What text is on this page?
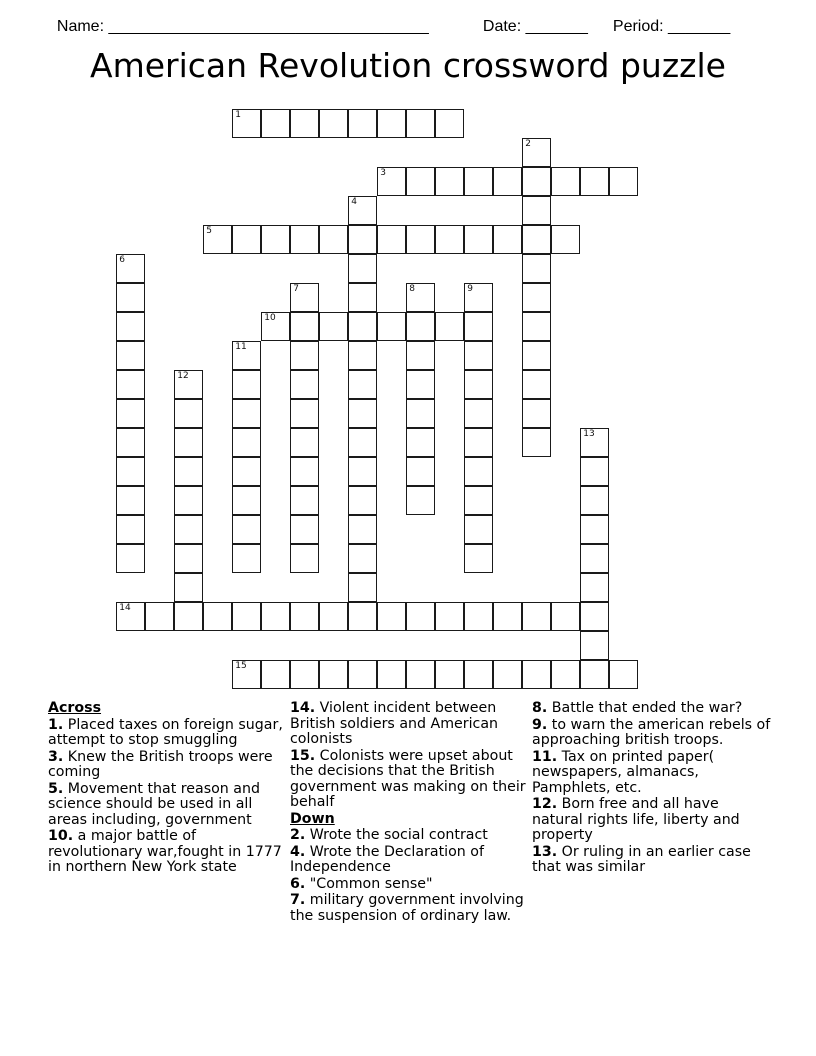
Name: ____________________________________	Date: _______	Period: _______

American Revolution crossword puzzle
1
2
3
4
5
6
7	8	9
10
11
12
13
14
15
Across
1. Placed taxes on foreign sugar, attempt to stop smuggling
3. Knew the British troops were coming
5. Movement that reason and science should be used in all areas including, government
10. a major battle of revolutionary war,fought in 1777 in northern New York state
14. Violent incident between British soldiers and American colonists
15. Colonists were upset about the decisions that the British government was making on their behalf
Down
2. Wrote the social contract
4. Wrote the Declaration of Independence
6. "Common sense"
7. military government involving the suspension of ordinary law.
8. Battle that ended the war?
9. to warn the american rebels of approaching british troops.
11. Tax on printed paper( newspapers, almanacs, Pamphlets, etc.
12. Born free and all have natural rights life, liberty and property
13. Or ruling in an earlier case that was similar
